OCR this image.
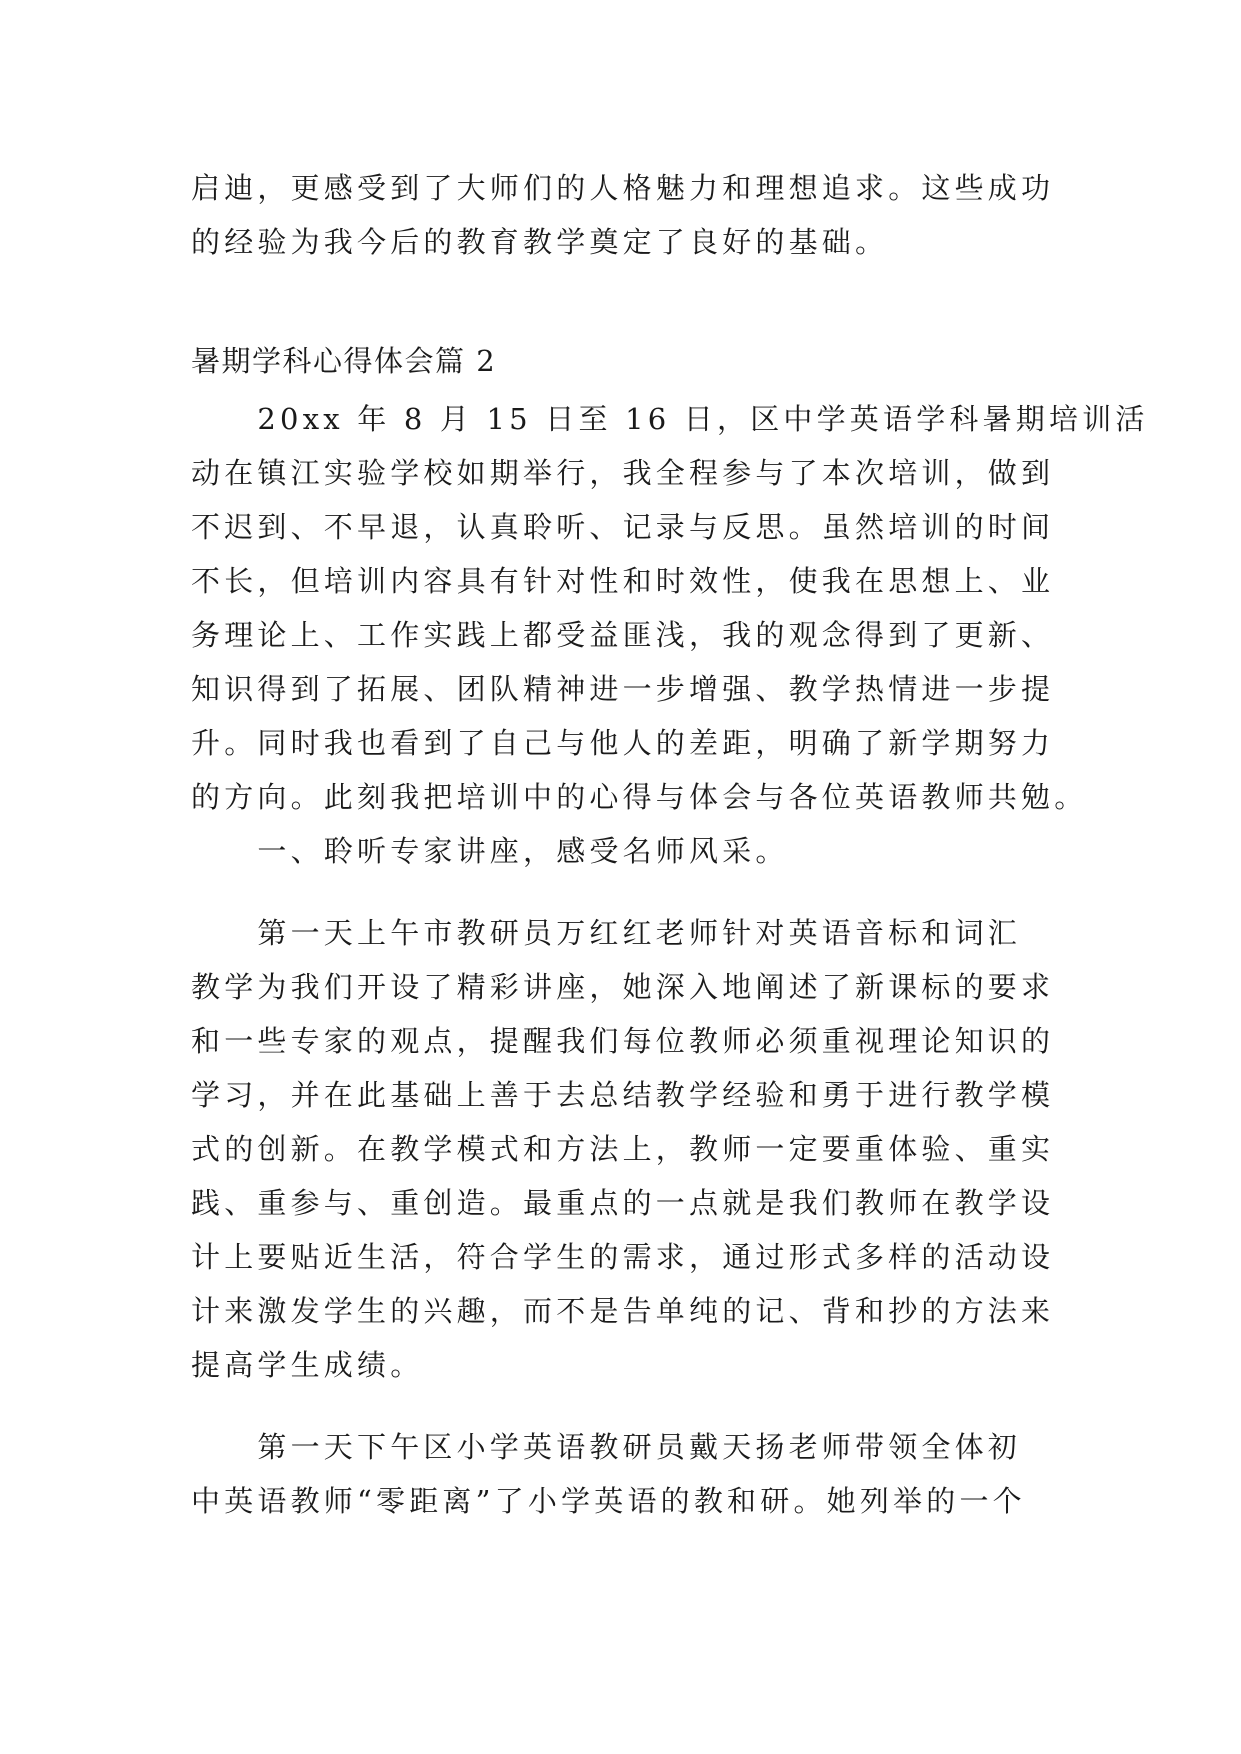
启迪，更感受到了大师们的人格魅力和理想追求。这些成功
的经验为我今后的教育教学奠定了良好的基础。
暑期学科心得体会篇 2
　　20xx 年 8 月 15 日至 16 日，区中学英语学科暑期培训活
动在镇江实验学校如期举行，我全程参与了本次培训，做到
不迟到、不早退，认真聆听、记录与反思。虽然培训的时间
不长，但培训内容具有针对性和时效性，使我在思想上、业
务理论上、工作实践上都受益匪浅，我的观念得到了更新、
知识得到了拓展、团队精神进一步增强、教学热情进一步提
升。同时我也看到了自己与他人的差距，明确了新学期努力
的方向。此刻我把培训中的心得与体会与各位英语教师共勉。
　　一、聆听专家讲座，感受名师风采。
　　第一天上午市教研员万红红老师针对英语音标和词汇
教学为我们开设了精彩讲座，她深入地阐述了新课标的要求
和一些专家的观点，提醒我们每位教师必须重视理论知识的
学习，并在此基础上善于去总结教学经验和勇于进行教学模
式的创新。在教学模式和方法上，教师一定要重体验、重实
践、重参与、重创造。最重点的一点就是我们教师在教学设
计上要贴近生活，符合学生的需求，通过形式多样的活动设
计来激发学生的兴趣，而不是告单纯的记、背和抄的方法来
提高学生成绩。
　　第一天下午区小学英语教研员戴天扬老师带领全体初
中英语教师“零距离”了小学英语的教和研。她列举的一个
